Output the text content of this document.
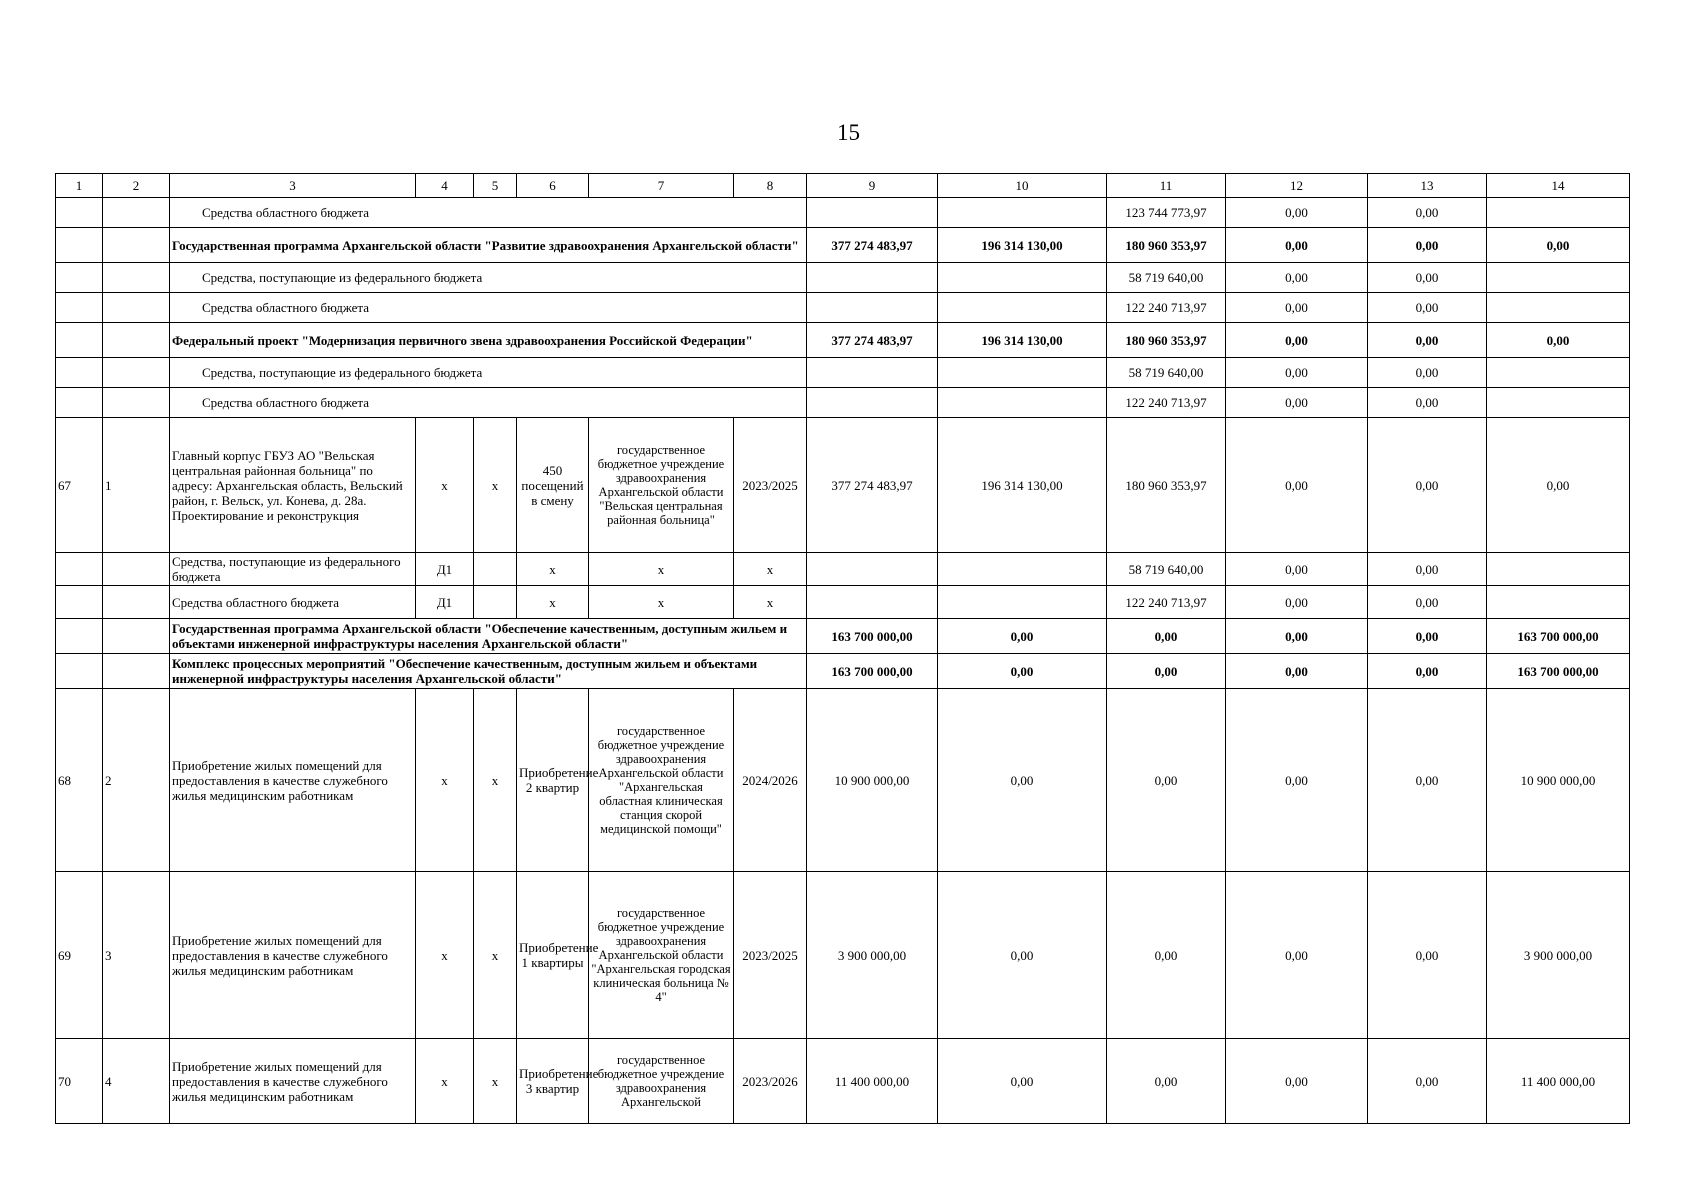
15
1	2	3	4	5	6	7	8	9	10	11	12	13	14
		Средства областного бюджета								123 744 773,97	0,00	0,00	
		Государственная программа Архангельской области "Развитие здравоохранения Архангельской области"						377 274 483,97	196 314 130,00	180 960 353,97	0,00	0,00	0,00
		Средства, поступающие из федерального бюджета								58 719 640,00	0,00	0,00	
		Средства областного бюджета								122 240 713,97	0,00	0,00	
		Федеральный проект "Модернизация первичного звена здравоохранения Российской Федерации"						377 274 483,97	196 314 130,00	180 960 353,97	0,00	0,00	0,00
		Средства, поступающие из федерального бюджета								58 719 640,00	0,00	0,00	
		Средства областного бюджета								122 240 713,97	0,00	0,00	
67	1	Главный корпус ГБУЗ АО "Вельская центральная районная больница" по адресу: Архангельская область, Вельский район, г. Вельск, ул. Конева, д. 28а. Проектирование и реконструкция	x	x	450 посещений в смену	государственное бюджетное учреждение здравоохранения Архангельской области "Вельская центральная районная больница"	2023/2025	377 274 483,97	196 314 130,00	180 960 353,97	0,00	0,00	0,00
		Средства, поступающие из федерального бюджета	Д1		x	x	x			58 719 640,00	0,00	0,00	
		Средства областного бюджета	Д1		x	x	x			122 240 713,97	0,00	0,00	
		Государственная программа Архангельской области "Обеспечение качественным, доступным жильем и объектами инженерной инфраструктуры населения Архангельской области"						163 700 000,00	0,00	0,00	0,00	0,00	163 700 000,00
		Комплекс процессных мероприятий "Обеспечение качественным, доступным жильем и объектами инженерной инфраструктуры населения Архангельской области"						163 700 000,00	0,00	0,00	0,00	0,00	163 700 000,00
68	2	Приобретение жилых помещений для предоставления в качестве служебного жилья медицинским работникам	x	x	Приобретение 2 квартир	государственное бюджетное учреждение здравоохранения Архангельской области "Архангельская областная клиническая станция скорой медицинской помощи"	2024/2026	10 900 000,00	0,00	0,00	0,00	0,00	10 900 000,00
69	3	Приобретение жилых помещений для предоставления в качестве служебного жилья медицинским работникам	x	x	Приобретение 1 квартиры	государственное бюджетное учреждение здравоохранения Архангельской области "Архангельская городская клиническая больница № 4"	2023/2025	3 900 000,00	0,00	0,00	0,00	0,00	3 900 000,00
70	4	Приобретение жилых помещений для предоставления в качестве служебного жилья медицинским работникам	x	x	Приобретение 3 квартир	государственное бюджетное учреждение здравоохранения Архангельской	2023/2026	11 400 000,00	0,00	0,00	0,00	0,00	11 400 000,00
